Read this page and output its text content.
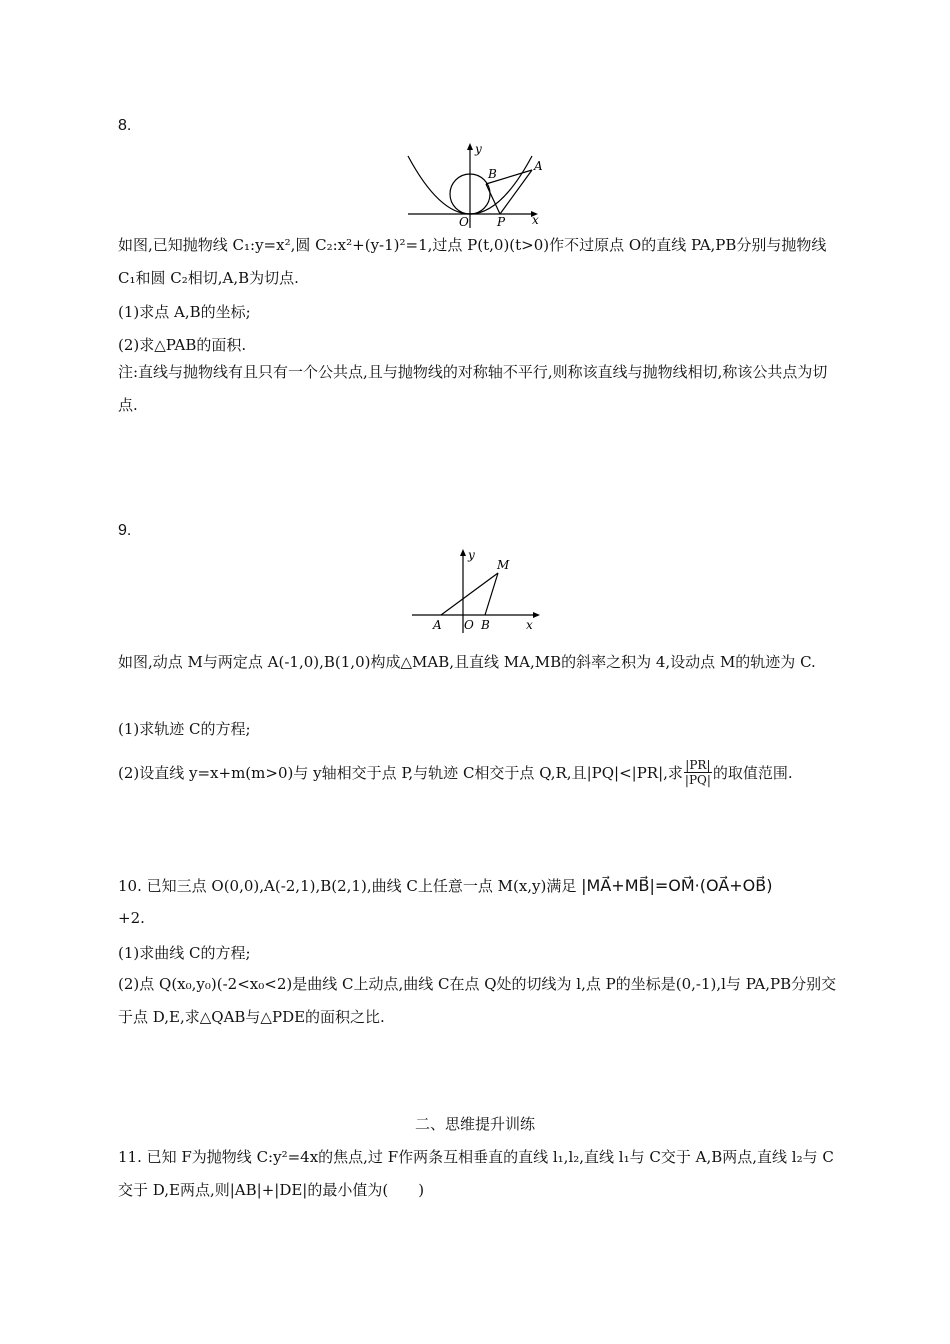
8.
y
x
O P
A
B

如图,已知抛物线 C₁:y=x²,圆 C₂:x²+(y-1)²=1,过点 P(t,0)(t>0)作不过原点 O的直线 PA,PB分别与抛物线 C₁和圆 C₂相切,A,B为切点.

(1)求点 A,B的坐标;
(2)求△PAB的面积.

注:直线与抛物线有且只有一个公共点,且与抛物线的对称轴不平行,则称该直线与抛物线相切,称该公共点为切点.

9.
y
x
O
A	B
M

如图,动点 M与两定点 A(-1,0),B(1,0)构成△MAB,且直线 MA,MB的斜率之积为 4,设动点 M的轨迹为 C.

(1)求轨迹 C的方程;
(2)设直线 y=x+m(m>0)与 y轴相交于点 P,与轨迹 C相交于点 Q,R,且|PQ|<|PR|,求 $\frac{|PR|}{|PQ|}$ 的取值范围.
10. 已知三点 O(0,0),A(-2,1),B(2,1),曲线 C上任意一点 M(x,y)满足 |MA⃗+MB⃗|=OM⃗·(OA⃗+OB⃗)
+2.
(1)求曲线 C的方程;

(2)点 Q(x₀,y₀)(-2<x₀<2)是曲线 C上动点,曲线 C在点 Q处的切线为 l,点 P的坐标是(0,-1),l与 PA,PB分别交于点 D,E,求△QAB与△PDE的面积之比.

二、思维提升训练

11. 已知 F为抛物线 C:y²=4x的焦点,过 F作两条互相垂直的直线 l₁,l₂,直线 l₁与 C交于 A,B两点,直线 l₂与 C交于 D,E两点,则|AB|+|DE|的最小值为(　　)
